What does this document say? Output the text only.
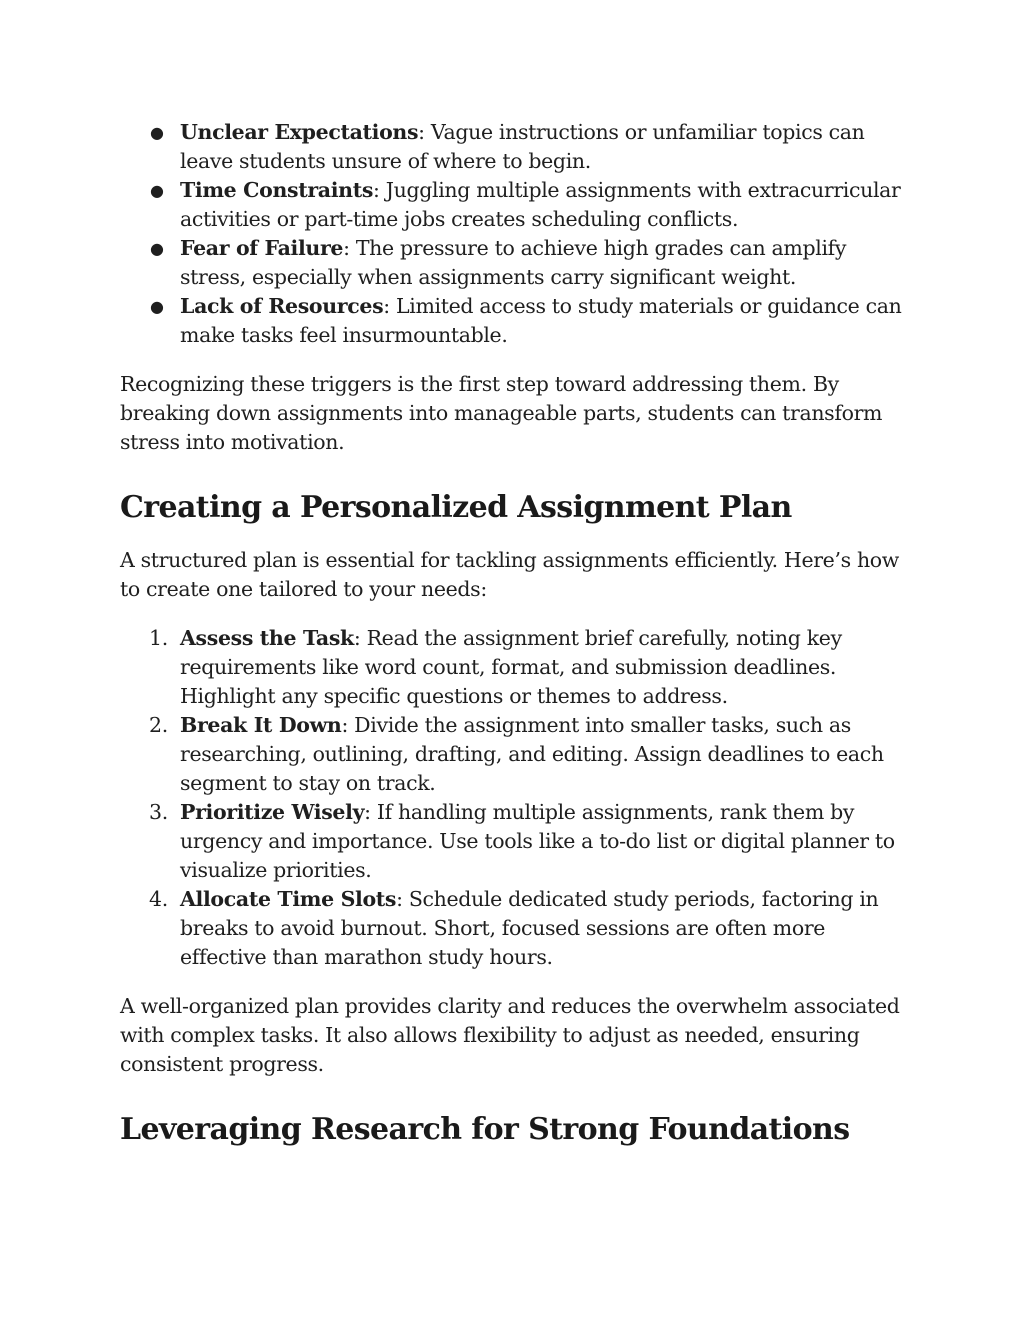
● Unclear Expectations: Vague instructions or unfamiliar topics can leave students unsure of where to begin.
● Time Constraints: Juggling multiple assignments with extracurricular activities or part-time jobs creates scheduling conflicts.
● Fear of Failure: The pressure to achieve high grades can amplify stress, especially when assignments carry significant weight.
● Lack of Resources: Limited access to study materials or guidance can make tasks feel insurmountable.

Recognizing these triggers is the first step toward addressing them. By breaking down assignments into manageable parts, students can transform stress into motivation.

Creating a Personalized Assignment Plan

A structured plan is essential for tackling assignments efficiently. Here’s how to create one tailored to your needs:

1. Assess the Task: Read the assignment brief carefully, noting key requirements like word count, format, and submission deadlines. Highlight any specific questions or themes to address.
2. Break It Down: Divide the assignment into smaller tasks, such as researching, outlining, drafting, and editing. Assign deadlines to each segment to stay on track.
3. Prioritize Wisely: If handling multiple assignments, rank them by urgency and importance. Use tools like a to-do list or digital planner to visualize priorities.
4. Allocate Time Slots: Schedule dedicated study periods, factoring in breaks to avoid burnout. Short, focused sessions are often more effective than marathon study hours.

A well-organized plan provides clarity and reduces the overwhelm associated with complex tasks. It also allows flexibility to adjust as needed, ensuring consistent progress.

Leveraging Research for Strong Foundations
